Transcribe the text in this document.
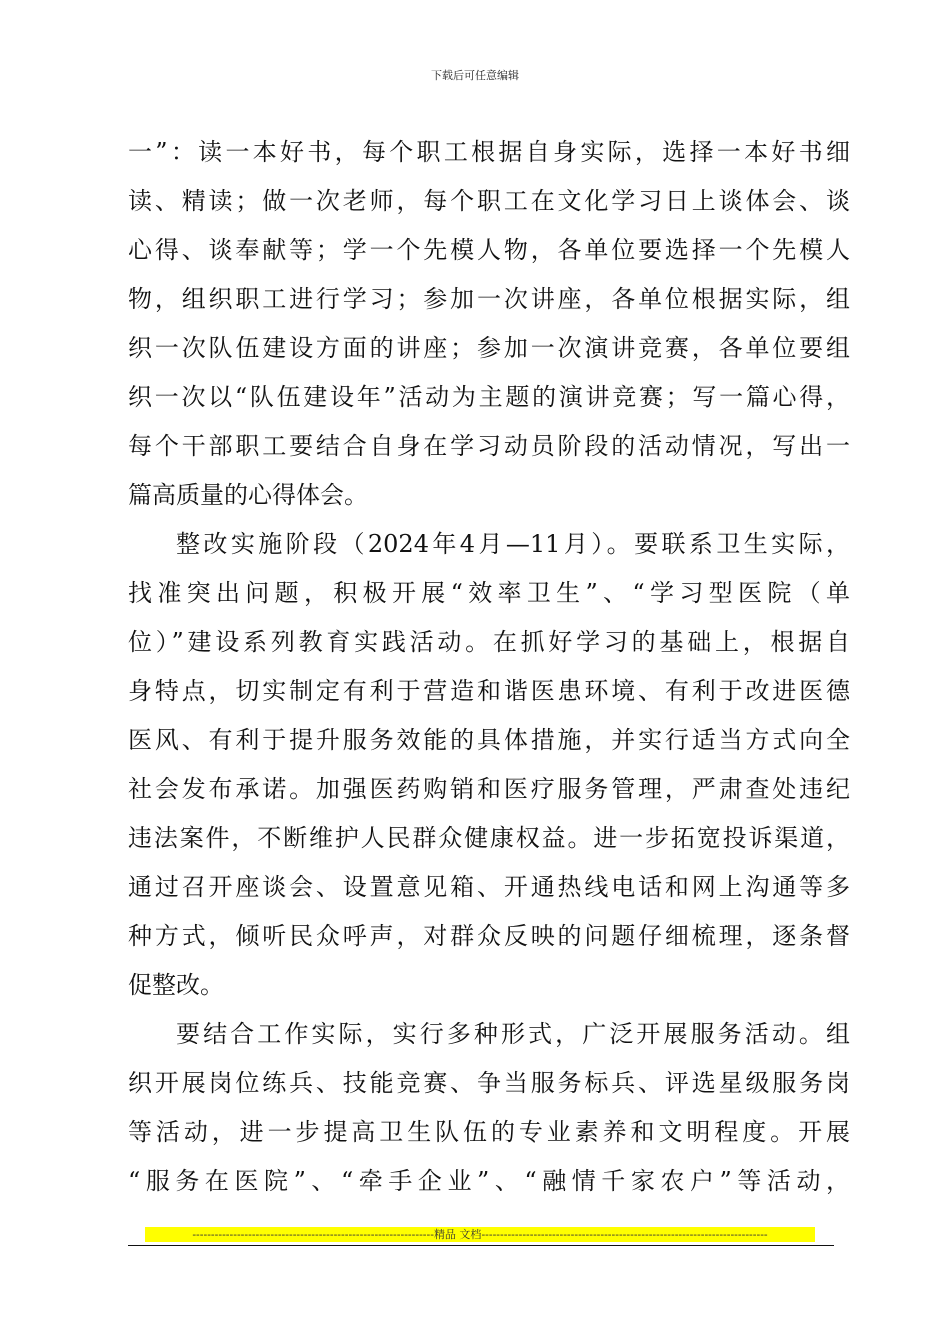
下载后可任意编辑
一”：读一本好书，每个职工根据自身实际，选择一本好书细
读、精读；做一次老师，每个职工在文化学习日上谈体会、谈
心得、谈奉献等；学一个先模人物，各单位要选择一个先模人
物，组织职工进行学习；参加一次讲座，各单位根据实际，组
织一次队伍建设方面的讲座；参加一次演讲竞赛，各单位要组
织一次以“队伍建设年”活动为主题的演讲竞赛；写一篇心得，
每个干部职工要结合自身在学习动员阶段的活动情况，写出一
篇高质量的心得体会。
整改实施阶段（2024年4月—11月）。要联系卫生实际，
找准突出问题，积极开展“效率卫生”、“学习型医院（单
位）”建设系列教育实践活动。在抓好学习的基础上，根据自
身特点，切实制定有利于营造和谐医患环境、有利于改进医德
医风、有利于提升服务效能的具体措施，并实行适当方式向全
社会发布承诺。加强医药购销和医疗服务管理，严肃查处违纪
违法案件，不断维护人民群众健康权益。进一步拓宽投诉渠道，
通过召开座谈会、设置意见箱、开通热线电话和网上沟通等多
种方式，倾听民众呼声，对群众反映的问题仔细梳理，逐条督
促整改。
要结合工作实际，实行多种形式，广泛开展服务活动。组
织开展岗位练兵、技能竞赛、争当服务标兵、评选星级服务岗
等活动，进一步提高卫生队伍的专业素养和文明程度。开展
“服务在医院”、“牵手企业”、“融情千家农户”等活动，
-----------------------------------------------------------------精品 文档-----------------------------------------------------------------------------
